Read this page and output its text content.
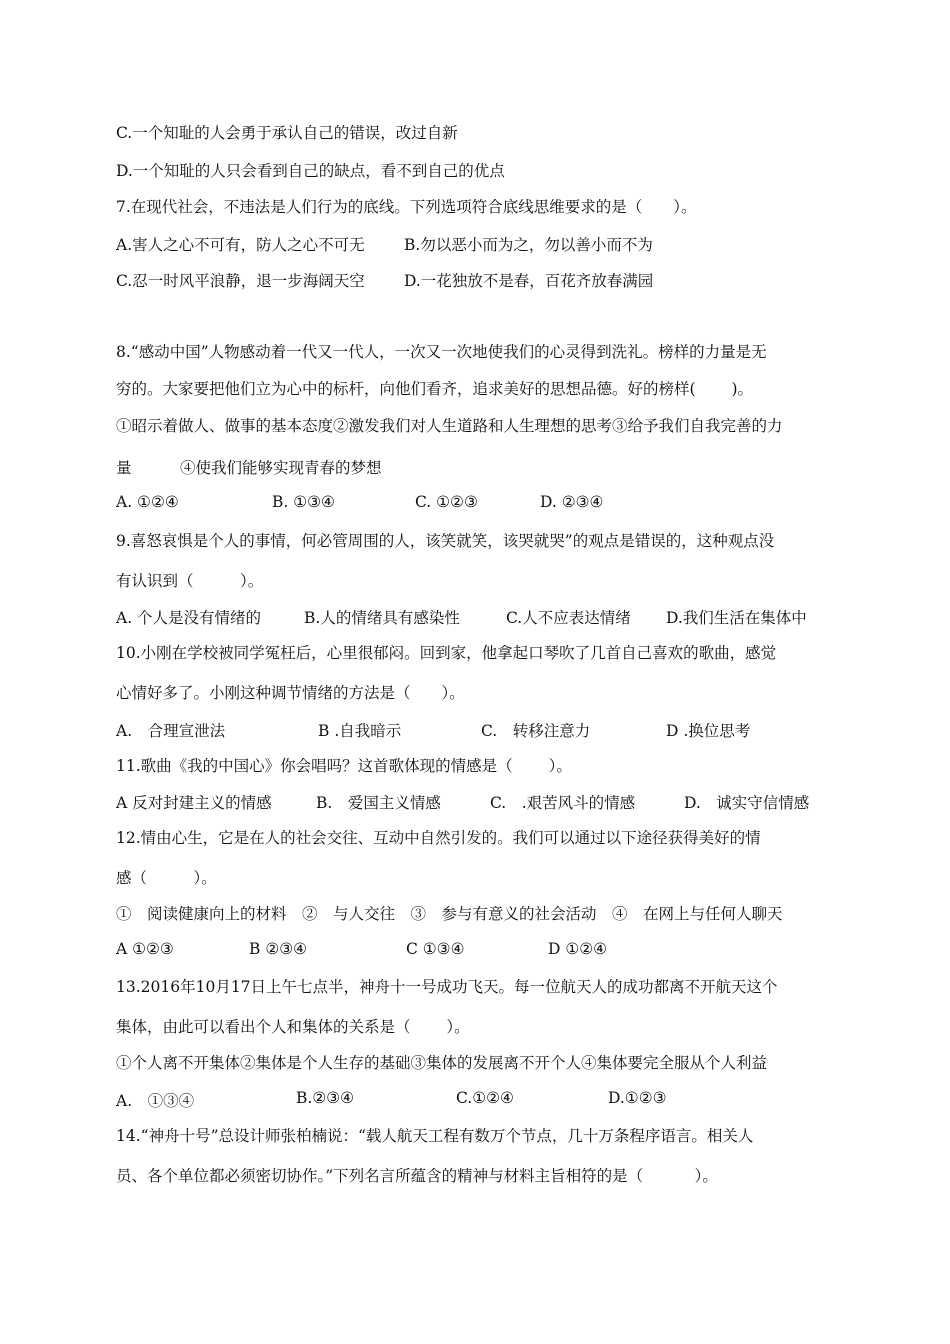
C.一个知耻的人会勇于承认自己的错误，改过自新
D.一个知耻的人只会看到自己的缺点，看不到自己的优点
7.在现代社会，不违法是人们行为的底线。下列选项符合底线思维要求的是（　　）。
A.害人之心不可有，防人之心不可无	B.勿以恶小而为之，勿以善小而不为
C.忍一时风平浪静，退一步海阔天空	D.一花独放不是春，百花齐放春满园
8.“感动中国”人物感动着一代又一代人，一次又一次地使我们的心灵得到洗礼。榜样的力量是无
穷的。大家要把他们立为心中的标杆，向他们看齐，追求美好的思想品德。好的榜样(　　 )。
①昭示着做人、做事的基本态度②激发我们对人生道路和人生理想的思考③给予我们自我完善的力
量	④使我们能够实现青春的梦想
A. ①②④	B. ①③④	C. ①②③	D. ②③④
9.喜怒哀惧是个人的事情，何必管周围的人，该笑就笑，该哭就哭”的观点是错误的，这种观点没
有认识到（　　　）。
A. 个人是没有情绪的	B.人的情绪具有感染性	C.人不应表达情绪 D.我们生活在集体中
10.小刚在学校被同学冤枉后，心里很郁闷。回到家，他拿起口琴吹了几首自己喜欢的歌曲，感觉
心情好多了。小刚这种调节情绪的方法是（　　）。
A.　合理宣泄法	B .自我暗示	C.　转移注意力	D .换位思考
11.歌曲《我的中国心》你会唱吗？这首歌体现的情感是（　　 ）。
A 反对封建主义的情感	B.　爱国主义情感	C.　.艰苦风斗的情感	D.　诚实守信情感
12.情由心生，它是在人的社会交往、互动中自然引发的。我们可以通过以下途径获得美好的情
感（　　　）。
①　阅读健康向上的材料　②　与人交往　③　参与有意义的社会活动　④　在网上与任何人聊天
A ①②③	B ②③④	C ①③④	D ①②④
13.2016年10月17日上午七点半，神舟十一号成功飞天。每一位航天人的成功都离不开航天这个
集体，由此可以看出个人和集体的关系是（　　 ）。
①个人离不开集体②集体是个人生存的基础③集体的发展离不开个人④集体要完全服从个人利益
A.　①③④	B.②③④	C.①②④	D.①②③
14.“神舟十号”总设计师张柏楠说：“载人航天工程有数万个节点，几十万条程序语言。相关人
员、各个单位都必须密切协作。”下列名言所蕴含的精神与材料主旨相符的是（　　　 ）。
